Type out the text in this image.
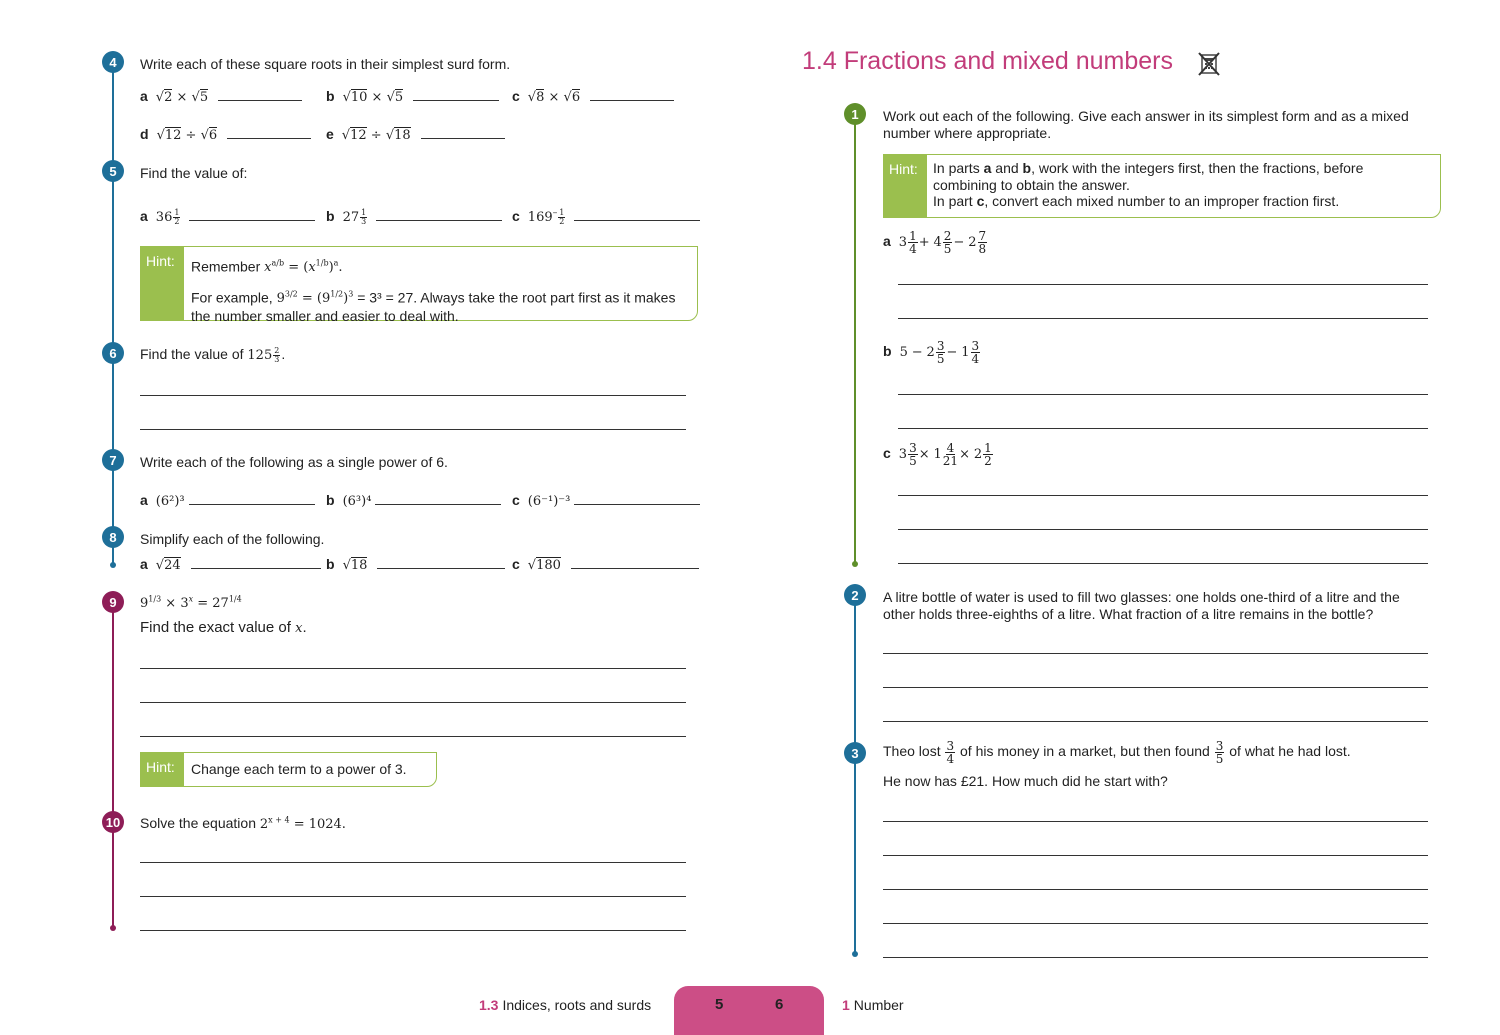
4	Write each of these square roots in their simplest surd form.
a √2 × √5	b √10 × √5	c √8 × √6
d √12 ÷ √6	e √12 ÷ √18
5	Find the value of:
a $36 \frac{1}{2}$
	b $27 \frac{1}{3}$
	c $169^- \frac{1}{2}$

Hint:	Remember $x^{a/b} = (x^{1/b})^a$.
For example, $9^{3/2} = (9^{1/2})^3 = 3^3 = 27$. Always take the root part first as it makes
the number smaller and easier to deal with.
6	Find the value of $125 \frac{2}{3}$ .
7	Write each of the following as a single power of 6.
a (6²)³	b (6³)⁴	c (6⁻¹)⁻³
8	Simplify each of the following.
a √24	b √18	c √180
9	$9^{1/3} \times 3^x = 27^{1/4}$
Find the exact value of x.
Hint:	Change each term to a power of 3.
10 Solve the equation $2^{x + 4} = 1024$.
1.4 Fractions and mixed numbers
1	Work out each of the following. Give each answer in its simplest form and as a mixed
number where appropriate.
Hint:	In parts a and b, work with the integers first, then the fractions, before
combining to obtain the answer.
In part c, convert each mixed number to an improper fraction first.
a $3 \frac{1}{4} + 4 \frac{2}{5} - 2 \frac{7}{8}$
b $5 - 2 \frac{3}{5} - 1 \frac{3}{4}$
c $3 \frac{3}{5} \times 1 \frac{4}{21} \times 2 \frac{1}{2}$
2	A litre bottle of water is used to fill two glasses: one holds one-third of a litre and the
other holds three-eighths of a litre. What fraction of a litre remains in the bottle?
3	Theo lost $\frac{3}{4}$ of his money in a market, but then found $\frac{3}{5}$ of what he had lost.
He now has £21. How much did he start with?
1.3 Indices, roots and surds	5	6	1 Number
